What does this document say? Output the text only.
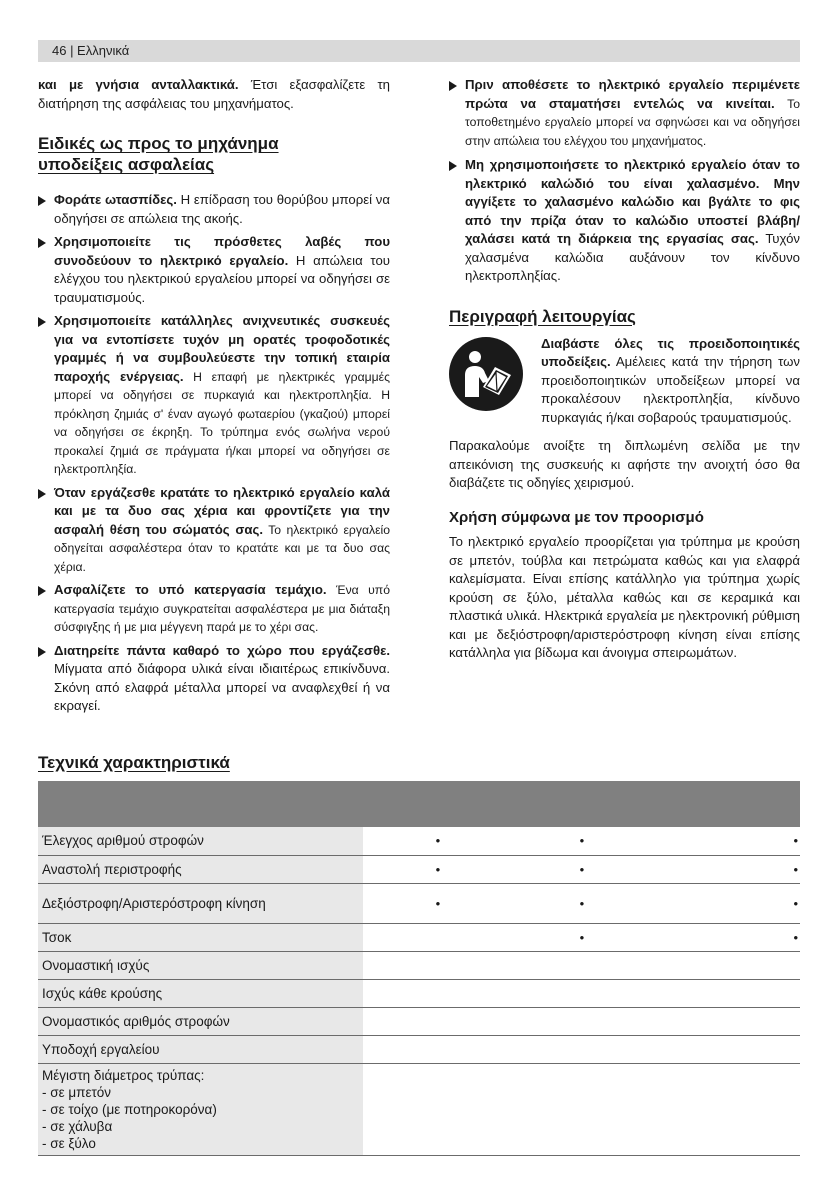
46 | Ελληνικά

και με γνήσια ανταλλακτικά. Έτσι εξασφαλίζετε τη διατήρηση της ασφάλειας του μηχανήματος.

Ειδικές ως προς το μηχάνημα
υποδείξεις ασφαλείας

Φοράτε ωτασπίδες. Η επίδραση του θορύβου μπορεί να οδηγήσει σε απώλεια της ακοής.

Χρησιμοποιείτε τις πρόσθετες λαβές που συνοδεύουν το ηλεκτρικό εργαλείο. Η απώλεια του ελέγχου του ηλεκτρικού εργαλείου μπορεί να οδηγήσει σε τραυματισμούς.

Χρησιμοποιείτε κατάλληλες ανιχνευτικές συσκευές για να εντοπίσετε τυχόν μη ορατές τροφοδοτικές γραμμές ή να συμβουλεύεστε την τοπική εταιρία παροχής ενέργειας. Η επαφή με ηλεκτρικές γραμμές μπορεί να οδηγήσει σε πυρκαγιά και ηλεκτροπληξία. Η πρόκληση ζημιάς σ' έναν αγωγό φωταερίου (γκαζιού) μπορεί να οδηγήσει σε έκρηξη. Το τρύπημα ενός σωλήνα νερού προκαλεί ζημιά σε πράγματα ή/και μπορεί να οδηγήσει σε ηλεκτροπληξία.

Όταν εργάζεσθε κρατάτε το ηλεκτρικό εργαλείο καλά και με τα δυο σας χέρια και φροντίζετε για την ασφαλή θέση του σώματός σας. Το ηλεκτρικό εργαλείο οδηγείται ασφαλέστερα όταν το κρατάτε και με τα δυο σας χέρια.

Ασφαλίζετε το υπό κατεργασία τεμάχιο. Ένα υπό κατεργασία τεμάχιο συγκρατείται ασφαλέστερα με μια διάταξη σύσφιγξης ή με μια μέγγενη παρά με το χέρι σας.

Διατηρείτε πάντα καθαρό το χώρο που εργάζεσθε. Μίγματα από διάφορα υλικά είναι ιδιαιτέρως επικίνδυνα. Σκόνη από ελαφρά μέταλλα μπορεί να αναφλεχθεί ή να εκραγεί.

Πριν αποθέσετε το ηλεκτρικό εργαλείο περιμένετε πρώτα να σταματήσει εντελώς να κινείται. Το τοποθετημένο εργαλείο μπορεί να σφηνώσει και να οδηγήσει στην απώλεια του ελέγχου του μηχανήματος.

Μη χρησιμοποιήσετε το ηλεκτρικό εργαλείο όταν το ηλεκτρικό καλώδιό του είναι χαλασμένο. Μην αγγίξετε το χαλασμένο καλώδιο και βγάλτε το φις από την πρίζα όταν το καλώδιο υποστεί βλάβη/χαλάσει κατά τη διάρκεια της εργασίας σας. Τυχόν χαλασμένα καλώδια αυξάνουν τον κίνδυνο ηλεκτροπληξίας.

Περιγραφή λειτουργίας

Διαβάστε όλες τις προειδοποιητικές υποδείξεις. Αμέλειες κατά την τήρηση των προειδοποιητικών υποδείξεων μπορεί να προκαλέσουν ηλεκτροπληξία, κίνδυνο πυρκαγιάς ή/και σοβαρούς τραυματισμούς.

Παρακαλούμε ανοίξτε τη διπλωμένη σελίδα με την απεικόνιση της συσκευής κι αφήστε την ανοιχτή όσο θα διαβάζετε τις οδηγίες χειρισμού.

Χρήση σύμφωνα με τον προορισμό

Το ηλεκτρικό εργαλείο προορίζεται για τρύπημα με κρούση σε μπετόν, τούβλα και πετρώματα καθώς και για ελαφρά καλεμίσματα. Είναι επίσης κατάλληλο για τρύπημα χωρίς κρούση σε ξύλο, μέταλλα καθώς και σε κεραμικά και πλαστικά υλικά. Ηλεκτρικά εργαλεία με ηλεκτρονική ρύθμιση και με δεξιόστροφη/αριστερόστροφη κίνηση είναι επίσης κατάλληλα για βίδωμα και άνοιγμα σπειρωμάτων.

Τεχνικά χαρακτηριστικά

Έλεγχος αριθμού στροφών		•	•	•
Αναστολή περιστροφής		•	•	•
Δεξιόστροφη/Αριστερόστροφη κίνηση		•	•	•
Τσοκ			•	•
Ονομαστική ισχύς				
Ισχύς κάθε κρούσης				
Ονομαστικός αριθμός στροφών				
Υποδοχή εργαλείου				

Μέγιστη διάμετρος τρύπας:
- σε μπετόν
- σε τοίχο (με ποτηροκορόνα)
- σε χάλυβα
- σε ξύλο				
